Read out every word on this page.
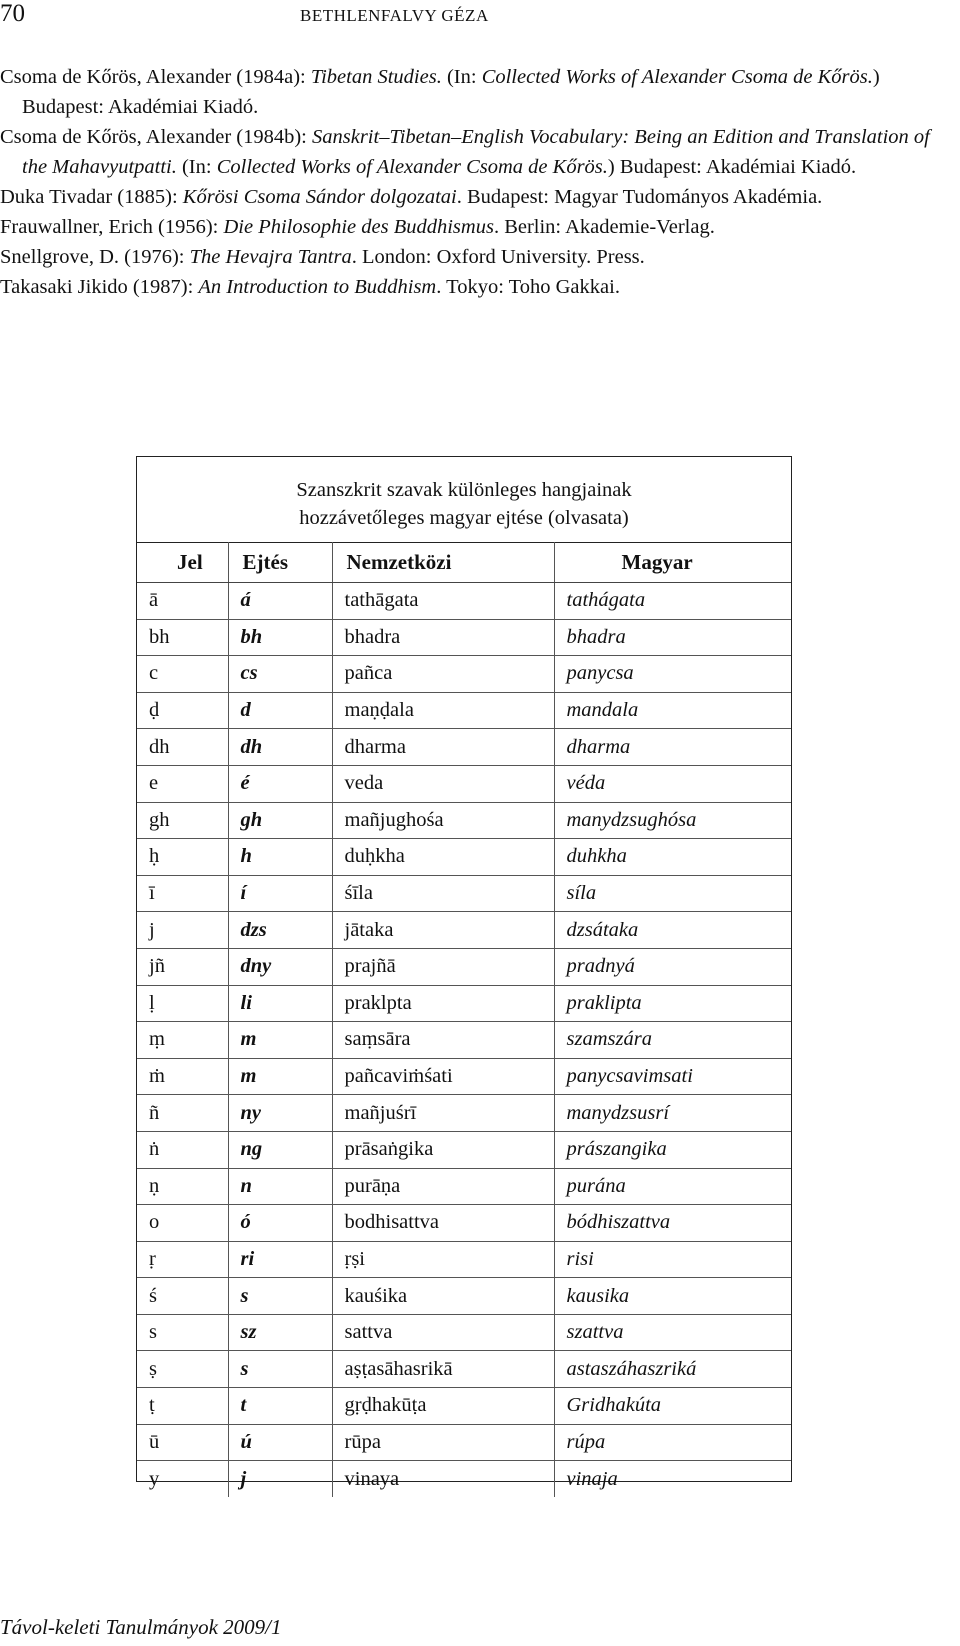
70	BETHLENFALVY GÉZA

Csoma de Kőrös, Alexander (1984a): Tibetan Studies. (In: Collected Works of Alexander Csoma de Kőrös.) Budapest: Akadémiai Kiadó.

Csoma de Kőrös, Alexander (1984b): Sanskrit–Tibetan–English Vocabulary: Being an Edition and Translation of the Mahavyutpatti. (In: Collected Works of Alexander Csoma de Kőrös.) Budapest: Akadémiai Kiadó.

Duka Tivadar (1885): Kőrösi Csoma Sándor dolgozatai. Budapest: Magyar Tudományos Akadémia.

Frauwallner, Erich (1956): Die Philosophie des Buddhismus. Berlin: Akademie-Verlag.

Snellgrove, D. (1976): The Hevajra Tantra. London: Oxford University. Press.

Takasaki Jikido (1987): An Introduction to Buddhism. Tokyo: Toho Gakkai.

Szanszkrit szavak különleges hangjainak
hozzávetőleges magyar ejtése (olvasata)
Jel	Ejtés	Nemzetközi	Magyar
ā	á	tathāgata	tathágata
bh	bh	bhadra	bhadra
c	cs	pañca	panycsa
ḍ	d	maṇḍala	mandala
dh	dh	dharma	dharma
e	é	veda	véda
gh	gh	mañjughośa	manydzsughósa
ḥ	h	duḥkha	duhkha
ī	í	śīla	síla
j	dzs	jātaka	dzsátaka
jñ	dny	prajñā	pradnyá
ḷ	li	praklpta	praklipta
ṃ	m	saṃsāra	szamszára
ṁ	m	pañcaviṁśati	panycsavimsati
ñ	ny	mañjuśrī	manydzsusrí
ṅ	ng	prāsaṅgika	prászangika
ṇ	n	purāṇa	purána
o	ó	bodhisattva	bódhiszattva
ṛ	ri	ṛṣi	risi
ś	s	kauśika	kausika
s	sz	sattva	szattva
ṣ	s	aṣṭasāhasrikā	astaszáhaszriká
ṭ	t	gṛḍhakūṭa	Gridhakúta
ū	ú	rūpa	rúpa
y	j	vinaya	vinaja
Távol-keleti Tanulmányok 2009/1
